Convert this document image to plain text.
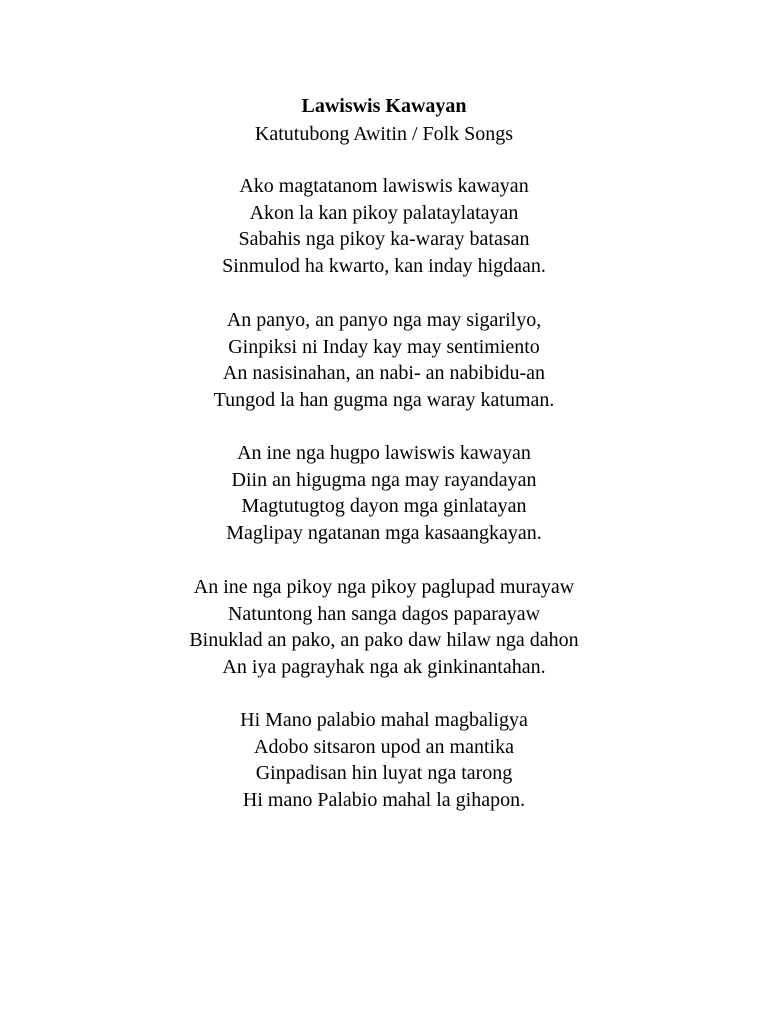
Lawiswis Kawayan
Katutubong Awitin / Folk Songs
Ako magtatanom lawiswis kawayan
Akon la kan pikoy palataylatayan
Sabahis nga pikoy ka-waray batasan
Sinmulod ha kwarto, kan inday higdaan.
An panyo, an panyo nga may sigarilyo,
Ginpiksi ni Inday kay may sentimiento
An nasisinahan, an nabi- an nabibidu-an
Tungod la han gugma nga waray katuman.
An ine nga hugpo lawiswis kawayan
Diin an higugma nga may rayandayan
Magtutugtog dayon mga ginlatayan
Maglipay ngatanan mga kasaangkayan.
An ine nga pikoy nga pikoy paglupad murayaw
Natuntong han sanga dagos paparayaw
Binuklad an pako, an pako daw hilaw nga dahon
An iya pagrayhak nga ak ginkinantahan.
Hi Mano palabio mahal magbaligya
Adobo sitsaron upod an mantika
Ginpadisan hin luyat nga tarong
Hi mano Palabio mahal la gihapon.
